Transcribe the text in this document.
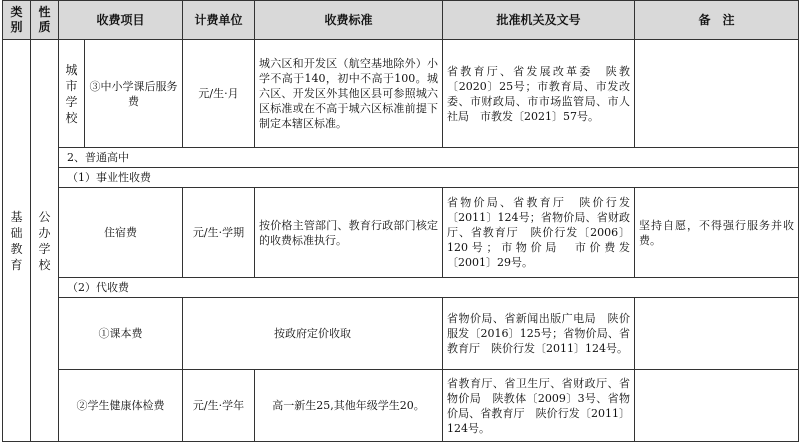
类别	性质	收费项目		计费单位	收费标准	批准机关及文号	备　注

基础教育	公办学校	城市学校	③中小学课后服务费	元/生·月	城六区和开发区（航空基地除外）小学不高于140，初中不高于100。城六区、开发区外其他区县可参照城六区标准或在不高于城六区标准前提下制定本辖区标准。	省教育厅、省发展改革委　陕教〔2020〕25号；市教育局、市发改委、市财政局、市市场监管局、市人社局　市教发〔2021〕57号。	
		2、普通高中					
		（1）事业性收费					
		住宿费		元/生·学期	按价格主管部门、教育行政部门核定的收费标准执行。	省物价局、省教育厅　陕价行发〔2011〕124号；省物价局、省财政厅、省教育厅　陕价行发〔2006〕120号；市物价局　市价费发〔2001〕29号。	坚持自愿，不得强行服务并收费。
		（2）代收费					
		①课本费		按政府定价收取		省物价局、省新闻出版广电局　陕价服发〔2016〕125号；省物价局、省教育厅　陕价行发〔2011〕124号。	
		②学生健康体检费		元/生·学年	高一新生25,其他年级学生20。	省教育厅、省卫生厅、省财政厅、省物价局　陕教体〔2009〕3号、省物价局、省教育厅　陕价行发〔2011〕124号。	
